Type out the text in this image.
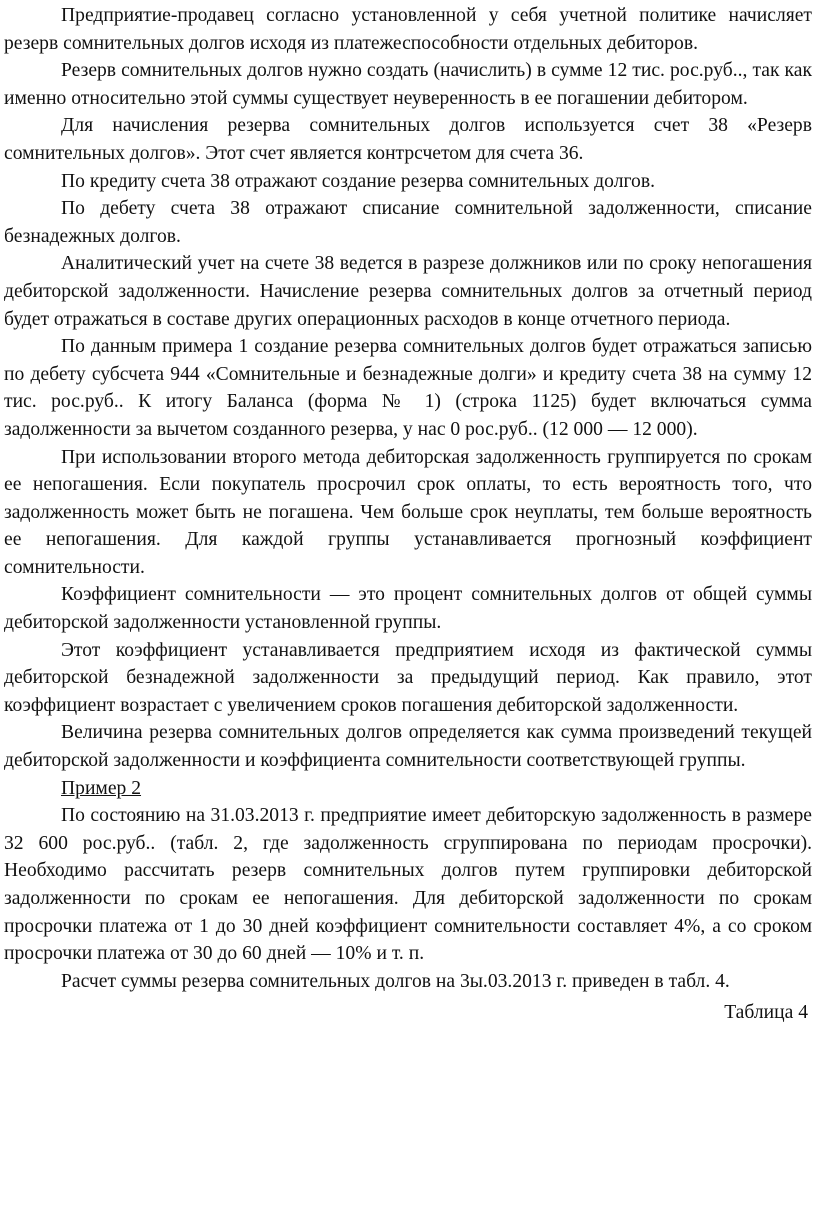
Предприятие-продавец согласно установленной у себя учетной политике начисляет резерв сомнительных долгов исходя из платежеспособности отдельных дебиторов.

Резерв сомнительных долгов нужно создать (начислить) в сумме 12 тис. рос.руб.., так как именно относительно этой суммы существует неуверенность в ее погашении дебитором.

Для начисления резерва сомнительных долгов используется счет 38 «Резерв сомнительных долгов». Этот счет является контрсчетом для счета 36.

По кредиту счета 38 отражают создание резерва сомнительных долгов.

По дебету счета 38 отражают списание сомнительной задолженности, списание безнадежных долгов.

Аналитический учет на счете 38 ведется в разрезе должников или по сроку непогашения дебиторской задолженности. Начисление резерва сомнительных долгов за отчетный период будет отражаться в составе других операционных расходов в конце отчетного периода.

По данным примера 1 создание резерва сомнительных долгов будет отражаться записью по дебету субсчета 944 «Сомнительные и безнадежные долги» и кредиту счета 38 на сумму 12 тис. рос.руб.. К итогу Баланса (форма № 1) (строка 1125) будет включаться сумма задолженности за вычетом созданного резерва, у нас 0 рос.руб.. (12 000 — 12 000).

При использовании второго метода дебиторская задолженность группируется по срокам ее непогашения. Если покупатель просрочил срок оплаты, то есть вероятность того, что задолженность может быть не погашена. Чем больше срок неуплаты, тем больше вероятность ее непогашения. Для каждой группы устанавливается прогнозный коэффициент сомнительности.

Коэффициент сомнительности — это процент сомнительных долгов от общей суммы дебиторской задолженности установленной группы.

Этот коэффициент устанавливается предприятием исходя из фактической суммы дебиторской безнадежной задолженности за предыдущий период. Как правило, этот коэффициент возрастает с увеличением сроков погашения дебиторской задолженности.

Величина резерва сомнительных долгов определяется как сумма произведений текущей дебиторской задолженности и коэффициента сомнительности соответствующей группы.

Пример 2

По состоянию на 31.03.2013 г. предприятие имеет дебиторскую задолженность в размере 32 600 рос.руб.. (табл. 2, где задолженность сгруппирована по периодам просрочки). Необходимо рассчитать резерв сомнительных долгов путем группировки дебиторской задолженности по срокам ее непогашения. Для дебиторской задолженности по срокам просрочки платежа от 1 до 30 дней коэффициент сомнительности составляет 4%, а со сроком просрочки платежа от 30 до 60 дней — 10% и т. п.

Расчет суммы резерва сомнительных долгов на 3ы.03.2013 г. приведен в табл. 4.

Таблица 4
